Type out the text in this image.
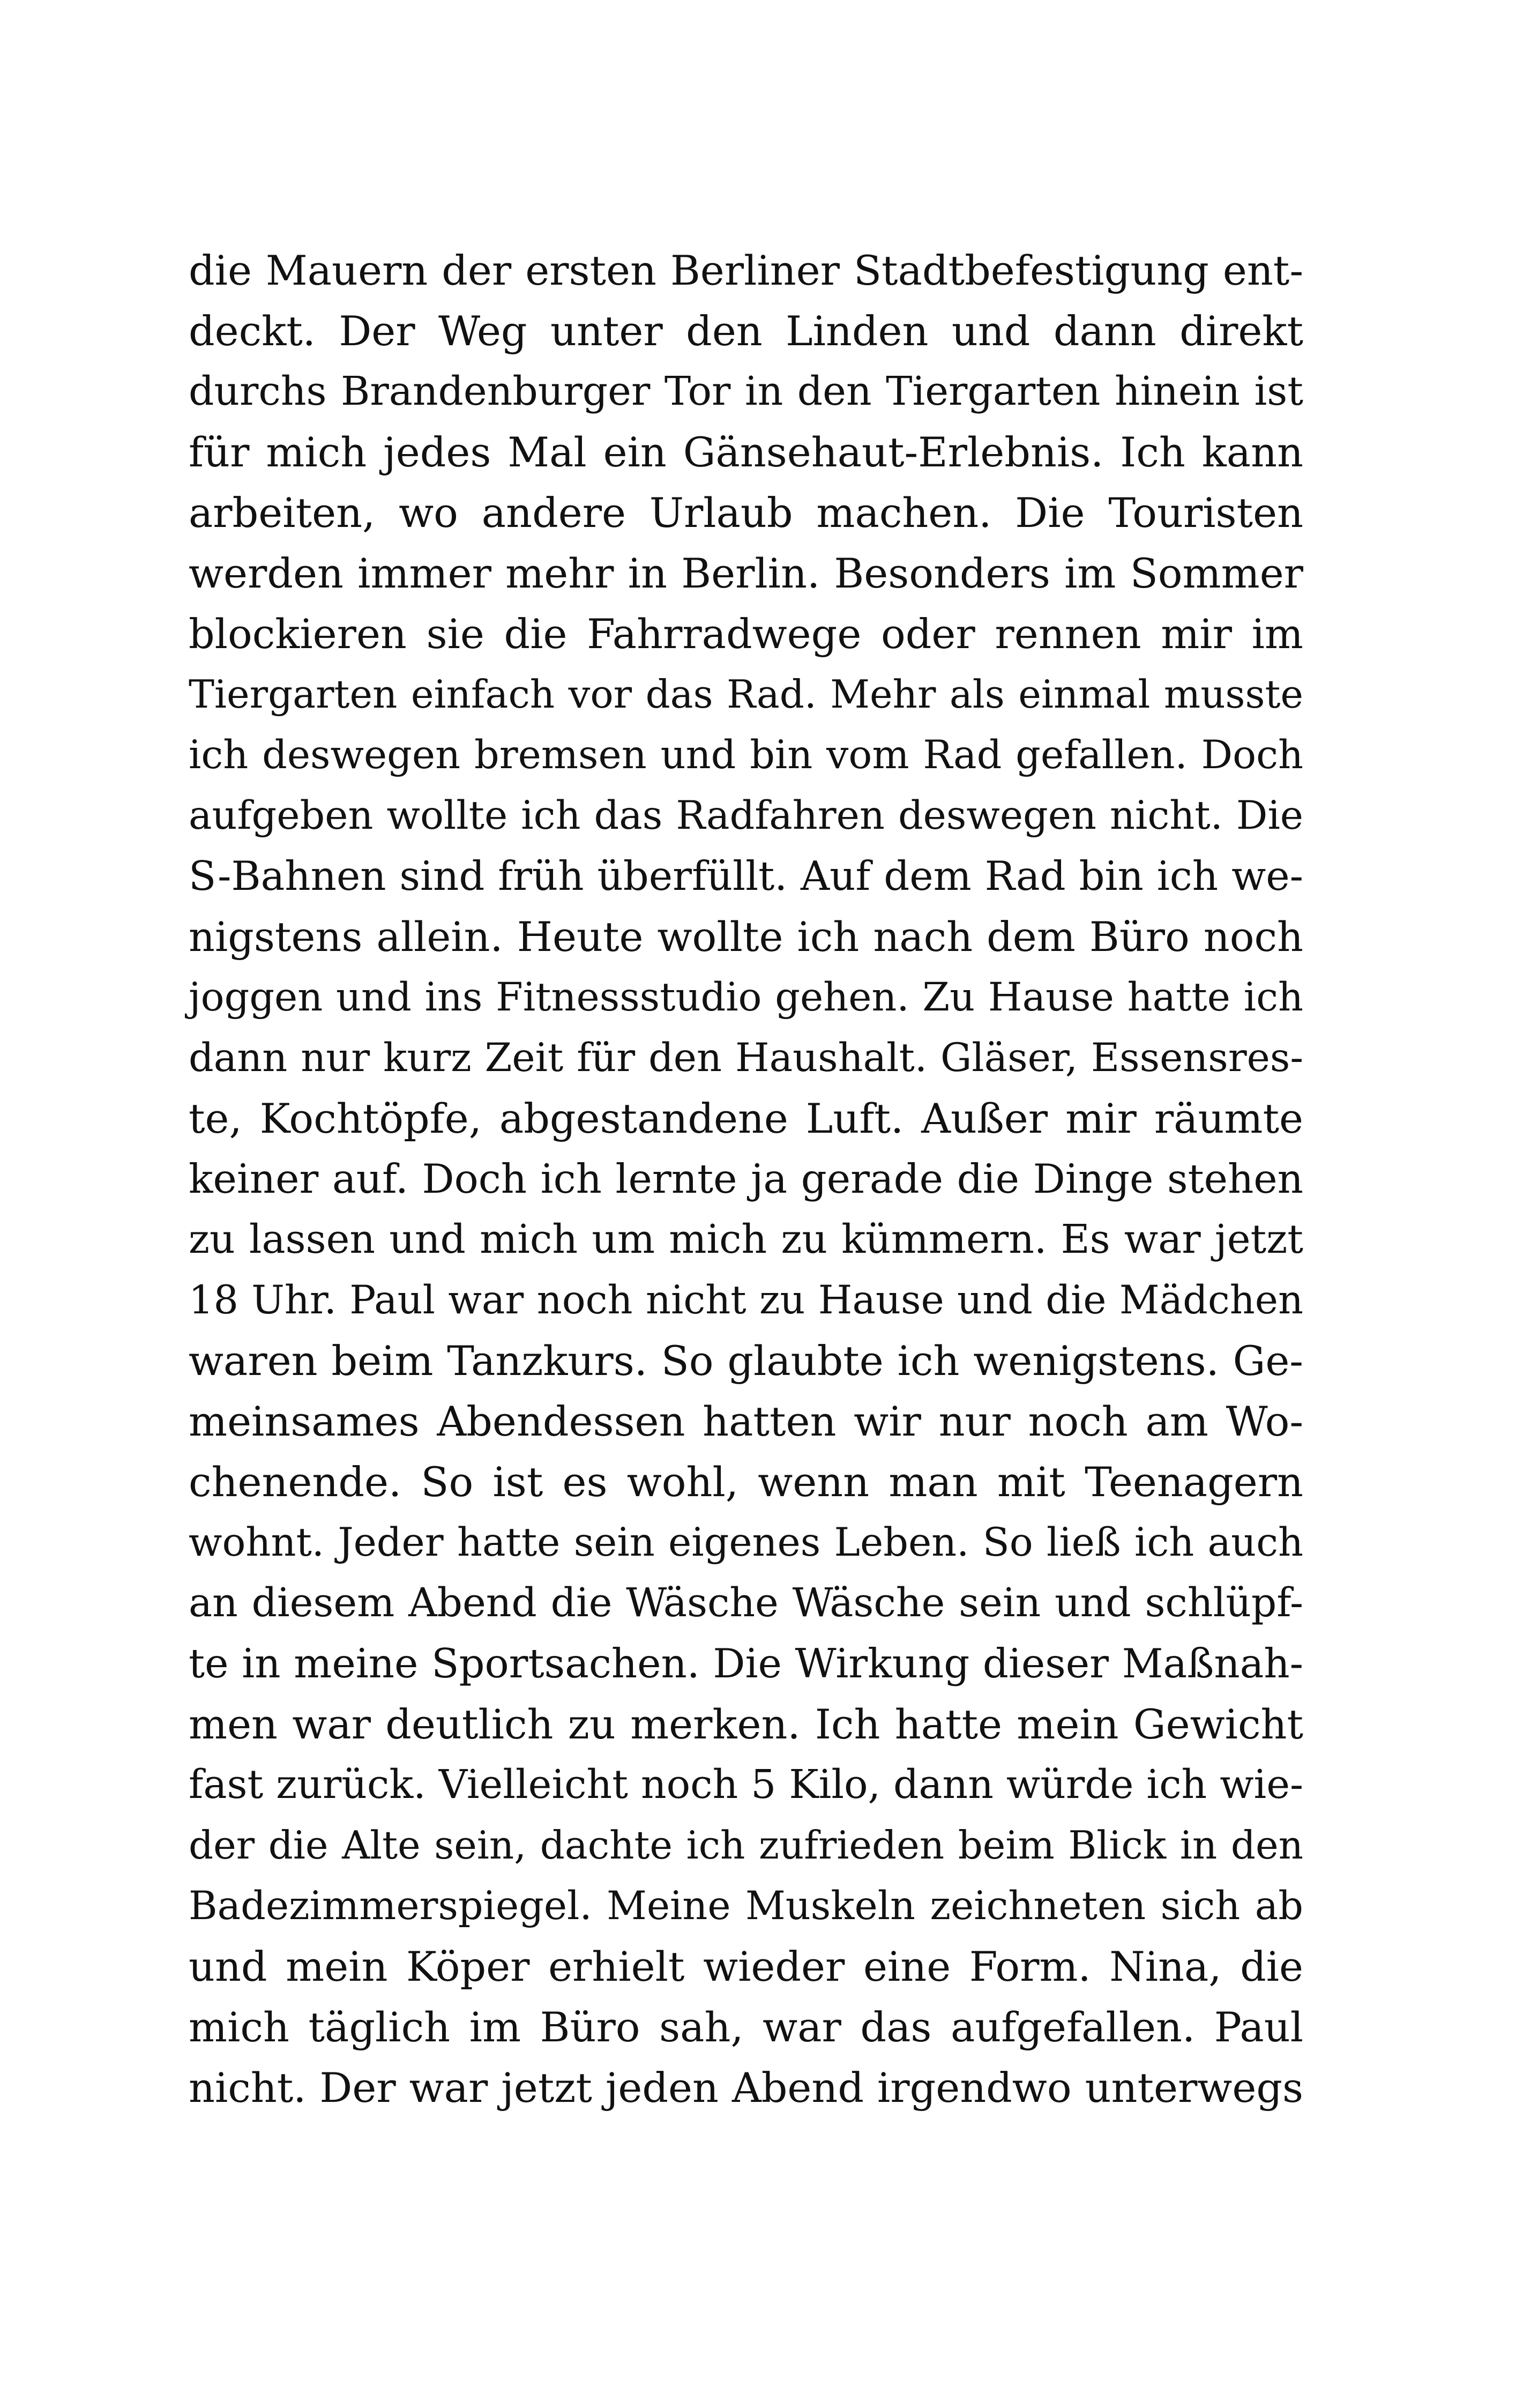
die Mauern der ersten Berliner Stadtbefestigung ent-
deckt. Der Weg unter den Linden und dann direkt
durchs Brandenburger Tor in den Tiergarten hinein ist
für mich jedes Mal ein Gänsehaut-Erlebnis. Ich kann
arbeiten, wo andere Urlaub machen. Die Touristen
werden immer mehr in Berlin. Besonders im Sommer
blockieren sie die Fahrradwege oder rennen mir im
Tiergarten einfach vor das Rad. Mehr als einmal musste
ich deswegen bremsen und bin vom Rad gefallen. Doch
aufgeben wollte ich das Radfahren deswegen nicht. Die
S-Bahnen sind früh überfüllt. Auf dem Rad bin ich we-
nigstens allein. Heute wollte ich nach dem Büro noch
joggen und ins Fitnessstudio gehen. Zu Hause hatte ich
dann nur kurz Zeit für den Haushalt. Gläser, Essensres-
te, Kochtöpfe, abgestandene Luft. Außer mir räumte
keiner auf. Doch ich lernte ja gerade die Dinge stehen
zu lassen und mich um mich zu kümmern. Es war jetzt
18 Uhr. Paul war noch nicht zu Hause und die Mädchen
waren beim Tanzkurs. So glaubte ich wenigstens. Ge-
meinsames Abendessen hatten wir nur noch am Wo-
chenende. So ist es wohl, wenn man mit Teenagern
wohnt. Jeder hatte sein eigenes Leben. So ließ ich auch
an diesem Abend die Wäsche Wäsche sein und schlüpf-
te in meine Sportsachen. Die Wirkung dieser Maßnah-
men war deutlich zu merken. Ich hatte mein Gewicht
fast zurück. Vielleicht noch 5 Kilo, dann würde ich wie-
der die Alte sein, dachte ich zufrieden beim Blick in den
Badezimmerspiegel. Meine Muskeln zeichneten sich ab
und mein Köper erhielt wieder eine Form. Nina, die
mich täglich im Büro sah, war das aufgefallen. Paul
nicht. Der war jetzt jeden Abend irgendwo unterwegs
